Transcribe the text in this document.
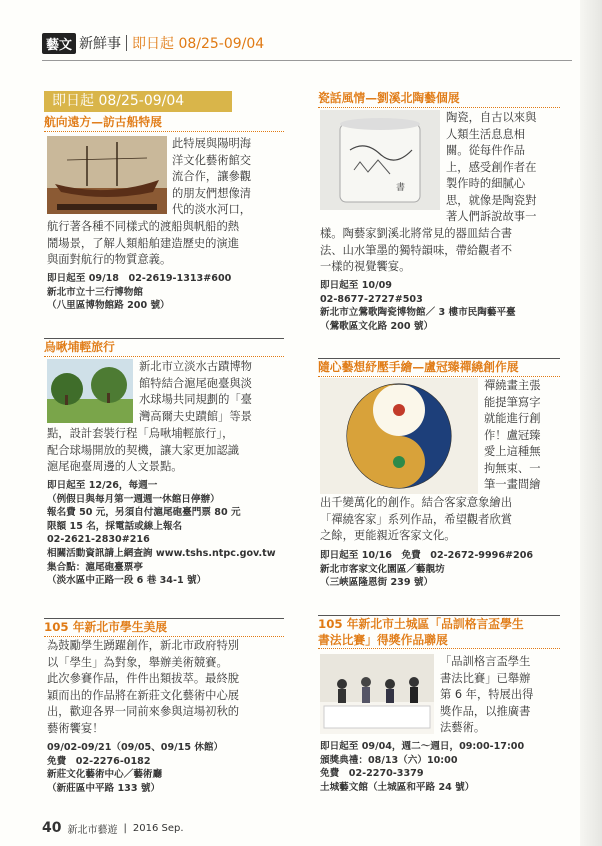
藝文 新鮮事 即日起 08/25-09/04
即日起 08/25-09/04
航向遠方—訪古船特展

此特展與陽明海

洋文化藝術館交

流合作，讓參觀

的朋友們想像清

代的淡水河口，

航行著各種不同樣式的渡船與帆船的熱

鬧場景，了解人類船舶建造歷史的演進

與面對航行的物質意義。

即日起至 09/18　02-2619-1313#600

新北市立十三行博物館

（八里區博物館路 200 號）

烏啾埔輕旅行

新北市立淡水古蹟博物

館特結合滬尾砲臺與淡

水球場共同規劃的「臺

灣高爾夫史蹟館」等景

點，設計套裝行程「烏啾埔輕旅行」，

配合球場開放的契機，讓大家更加認識

滬尾砲臺周邊的人文景點。

即日起至 12/26，每週一

（例假日與每月第一週週一休館日停辦）

報名費 50 元，另須自付滬尾砲臺門票 80 元

限額 15 名，採電話或線上報名

02-2621-2830#216

相關活動資訊請上網查詢 www.tshs.ntpc.gov.tw

集合點：滬尾砲臺票亭

（淡水區中正路一段 6 巷 34-1 號）

105 年新北市學生美展

為鼓勵學生踴躍創作，新北市政府特別

以「學生」為對象，舉辦美術競賽。

此次參賽作品，件件出類拔萃。最終脫

穎而出的作品將在新莊文化藝術中心展

出，歡迎各界一同前來參與這場初秋的

藝術饗宴！

09/02-09/21（09/05、09/15 休館）

免費　02-2276-0182

新莊文化藝術中心／藝術廳

（新莊區中平路 133 號）

瓷話風情—劉溪北陶藝個展
書

陶瓷，自古以來與

人類生活息息相

關。從每件作品

上，感受創作者在

製作時的細膩心

思，就像是陶瓷對

著人們訴說故事一

樣。陶藝家劉溪北將常見的器皿結合書

法、山水筆墨的獨特韻味，帶給觀者不

一樣的視覺饗宴。

即日起至 10/09

02-8677-2727#503

新北市立鶯歌陶瓷博物館／ 3 樓市民陶藝平臺

（鶯歌區文化路 200 號）

隨心藝想紓壓手繪—盧冠臻禪繞創作展

禪繞畫主張

能提筆寫字

就能進行創

作！盧冠臻

愛上這種無

拘無束、一

筆一畫間繪

出千變萬化的創作。結合客家意象繪出

「禪繞客家」系列作品，希望觀者欣賞

之餘，更能親近客家文化。

即日起至 10/16　免費　02-2672-9996#206

新北市客家文化園區／藝靚坊

（三峽區隆恩街 239 號）

105 年新北市土城區「品訓格言盃學生
書法比賽」得獎作品聯展

「品訓格言盃學生

書法比賽」已舉辦

第 6 年，特展出得

獎作品，以推廣書

法藝術。

即日起至 09/04，週二～週日，09:00-17:00

頒獎典禮：08/13（六）10:00

免費　02-2270-3379

土城藝文館（土城區和平路 24 號）

40 新北市藝遊 | 2016 Sep.
